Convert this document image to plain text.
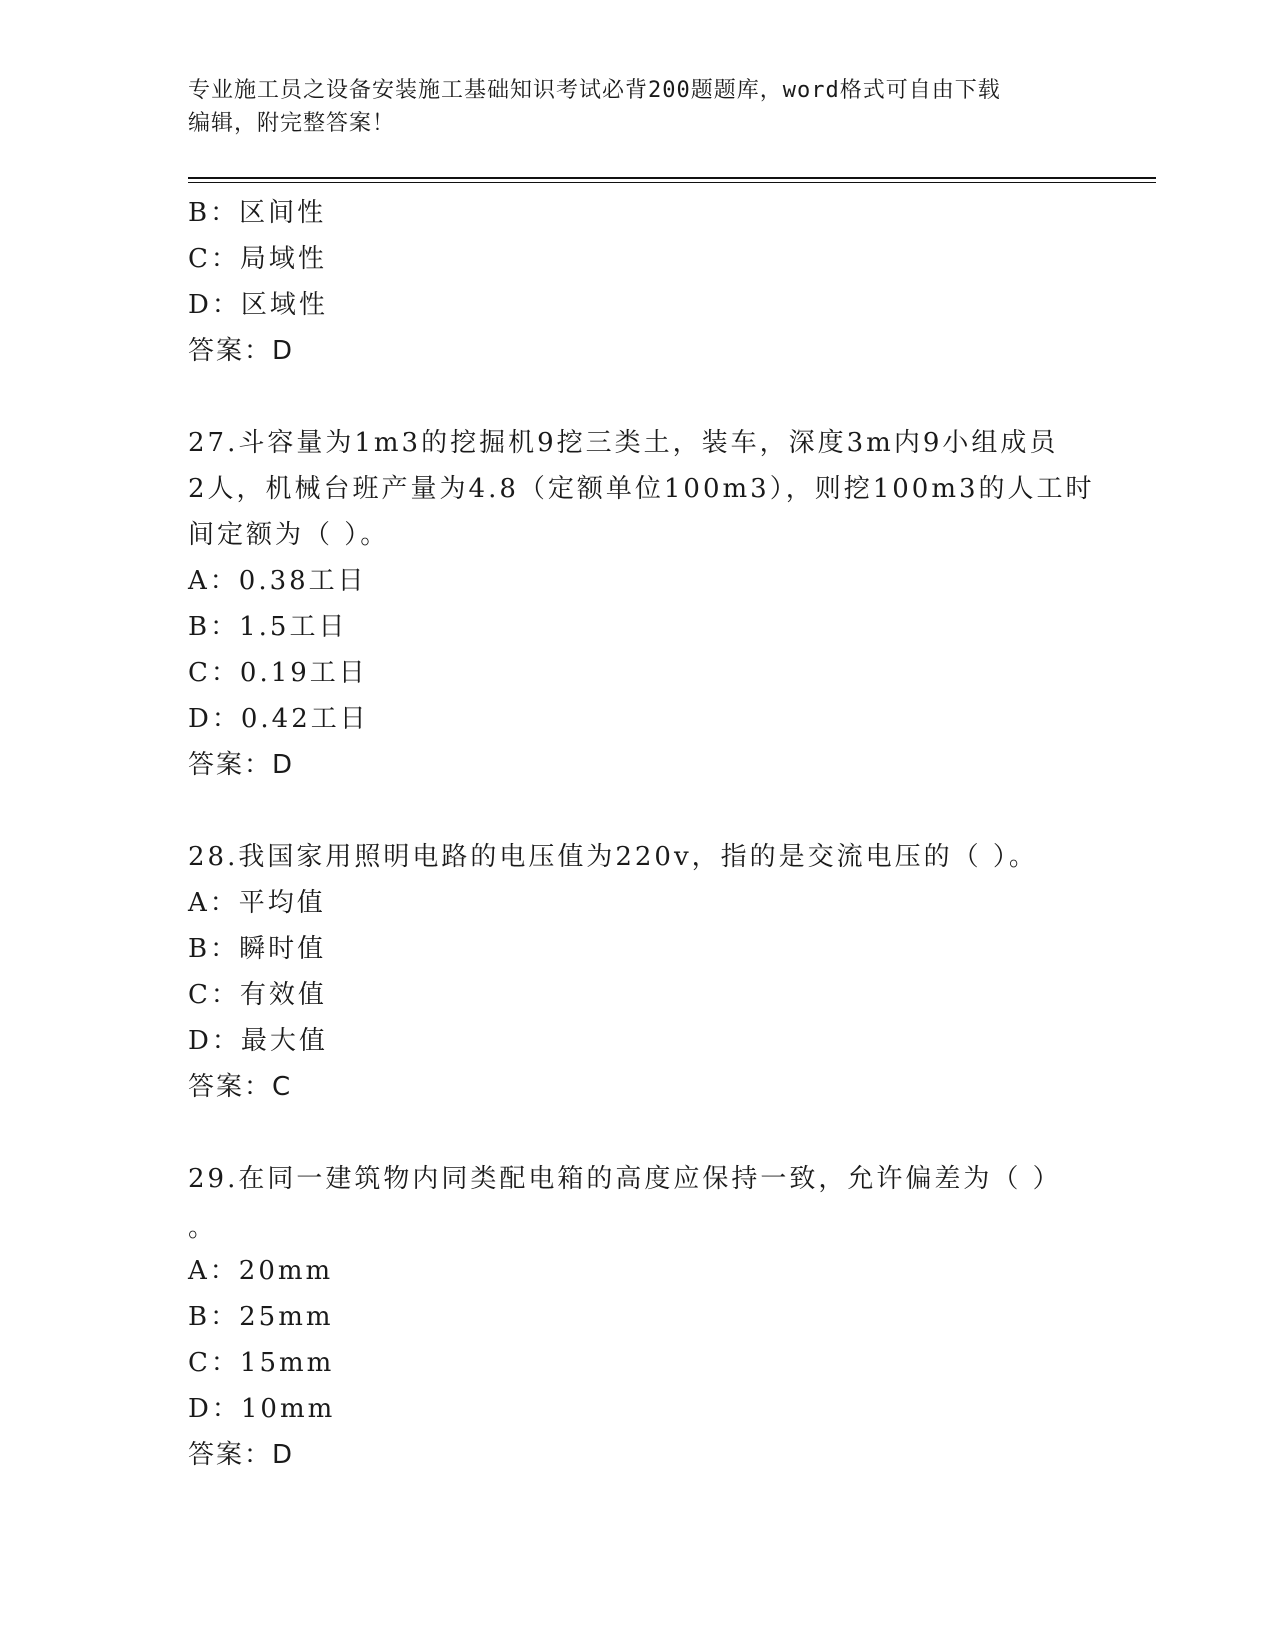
专业施工员之设备安装施工基础知识考试必背200题题库，word格式可自由下载
编辑，附完整答案！
B：区间性
C：局域性
D：区域性
答案：D
27.斗容量为1m3的挖掘机9挖三类土，装车，深度3m内9小组成员
2人，机械台班产量为4.8（定额单位100m3），则挖100m3的人工时
间定额为（ ）。
A：0.38工日
B：1.5工日
C：0.19工日
D：0.42工日
答案：D
28.我国家用照明电路的电压值为220v，指的是交流电压的（ ）。
A：平均值
B：瞬时值
C：有效值
D：最大值
答案：C
29.在同一建筑物内同类配电箱的高度应保持一致，允许偏差为（ ）
。
A：20mm
B：25mm
C：15mm
D：10mm
答案：D
